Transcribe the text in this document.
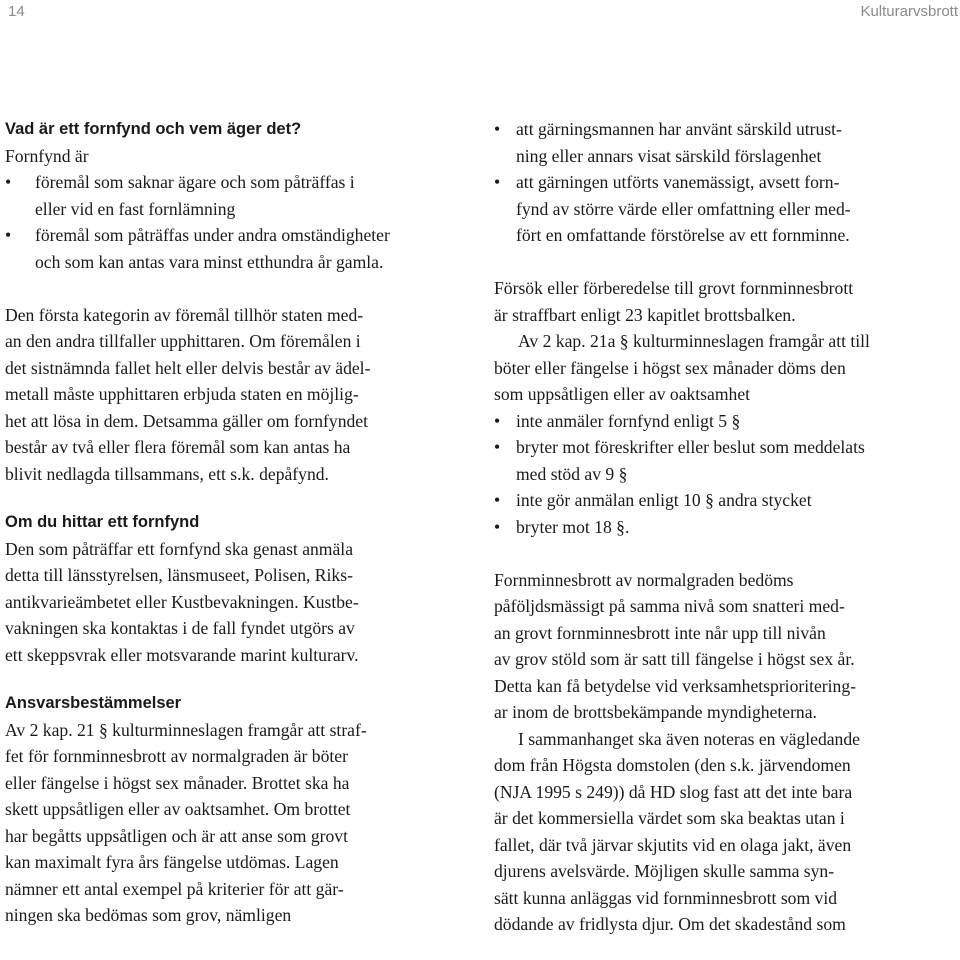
14	Kulturarvsbrott
Vad är ett fornfynd och vem äger det?
Fornfynd är
• föremål som saknar ägare och som påträffas i
eller vid en fast fornlämning
• föremål som påträffas under andra omständigheter
och som kan antas vara minst etthundra år gamla.

Den första kategorin av föremål tillhör staten med-
an den andra tillfaller upphittaren. Om föremålen i
det sistnämnda fallet helt eller delvis består av ädel-
metall måste upphittaren erbjuda staten en möjlig-
het att lösa in dem. Detsamma gäller om fornfyndet
består av två eller flera föremål som kan antas ha
blivit nedlagda tillsammans, ett s.k. depåfynd.

Om du hittar ett fornfynd

Den som påträffar ett fornfynd ska genast anmäla
detta till länsstyrelsen, länsmuseet, Polisen, Riks-
antikvarieämbetet eller Kustbevakningen. Kustbe-
vakningen ska kontaktas i de fall fyndet utgörs av
ett skeppsvrak eller motsvarande marint kulturarv.

Ansvarsbestämmelser

Av 2 kap. 21 § kulturminneslagen framgår att straf-
fet för fornminnesbrott av normalgraden är böter
eller fängelse i högst sex månader. Brottet ska ha
skett uppsåtligen eller av oaktsamhet. Om brottet
har begåtts uppsåtligen och är att anse som grovt
kan maximalt fyra års fängelse utdömas. Lagen
nämner ett antal exempel på kriterier för att gär-
ningen ska bedömas som grov, nämligen

• att gärningsmannen har använt särskild utrust-
ning eller annars visat särskild förslagenhet
• att gärningen utförts vanemässigt, avsett forn-
fynd av större värde eller omfattning eller med-
fört en omfattande förstörelse av ett fornminne.

Försök eller förberedelse till grovt fornminnesbrott
är straffbart enligt 23 kapitlet brottsbalken.

Av 2 kap. 21a § kulturminneslagen framgår att till
böter eller fängelse i högst sex månader döms den
som uppsåtligen eller av oaktsamhet

• inte anmäler fornfynd enligt 5 §
• bryter mot föreskrifter eller beslut som meddelats
med stöd av 9 §
• inte gör anmälan enligt 10 § andra stycket
• bryter mot 18 §.

Fornminnesbrott av normalgraden bedöms
påföljdsmässigt på samma nivå som snatteri med-
an grovt fornminnesbrott inte når upp till nivån
av grov stöld som är satt till fängelse i högst sex år.
Detta kan få betydelse vid verksamhetsprioritering-
ar inom de brottsbekämpande myndigheterna.

I sammanhanget ska även noteras en vägledande
dom från Högsta domstolen (den s.k. järvendomen
(NJA 1995 s 249)) då HD slog fast att det inte bara
är det kommersiella värdet som ska beaktas utan i
fallet, där två järvar skjutits vid en olaga jakt, även
djurens avelsvärde. Möjligen skulle samma syn-
sätt kunna anläggas vid fornminnesbrott som vid
dödande av fridlysta djur. Om det skadestånd som
